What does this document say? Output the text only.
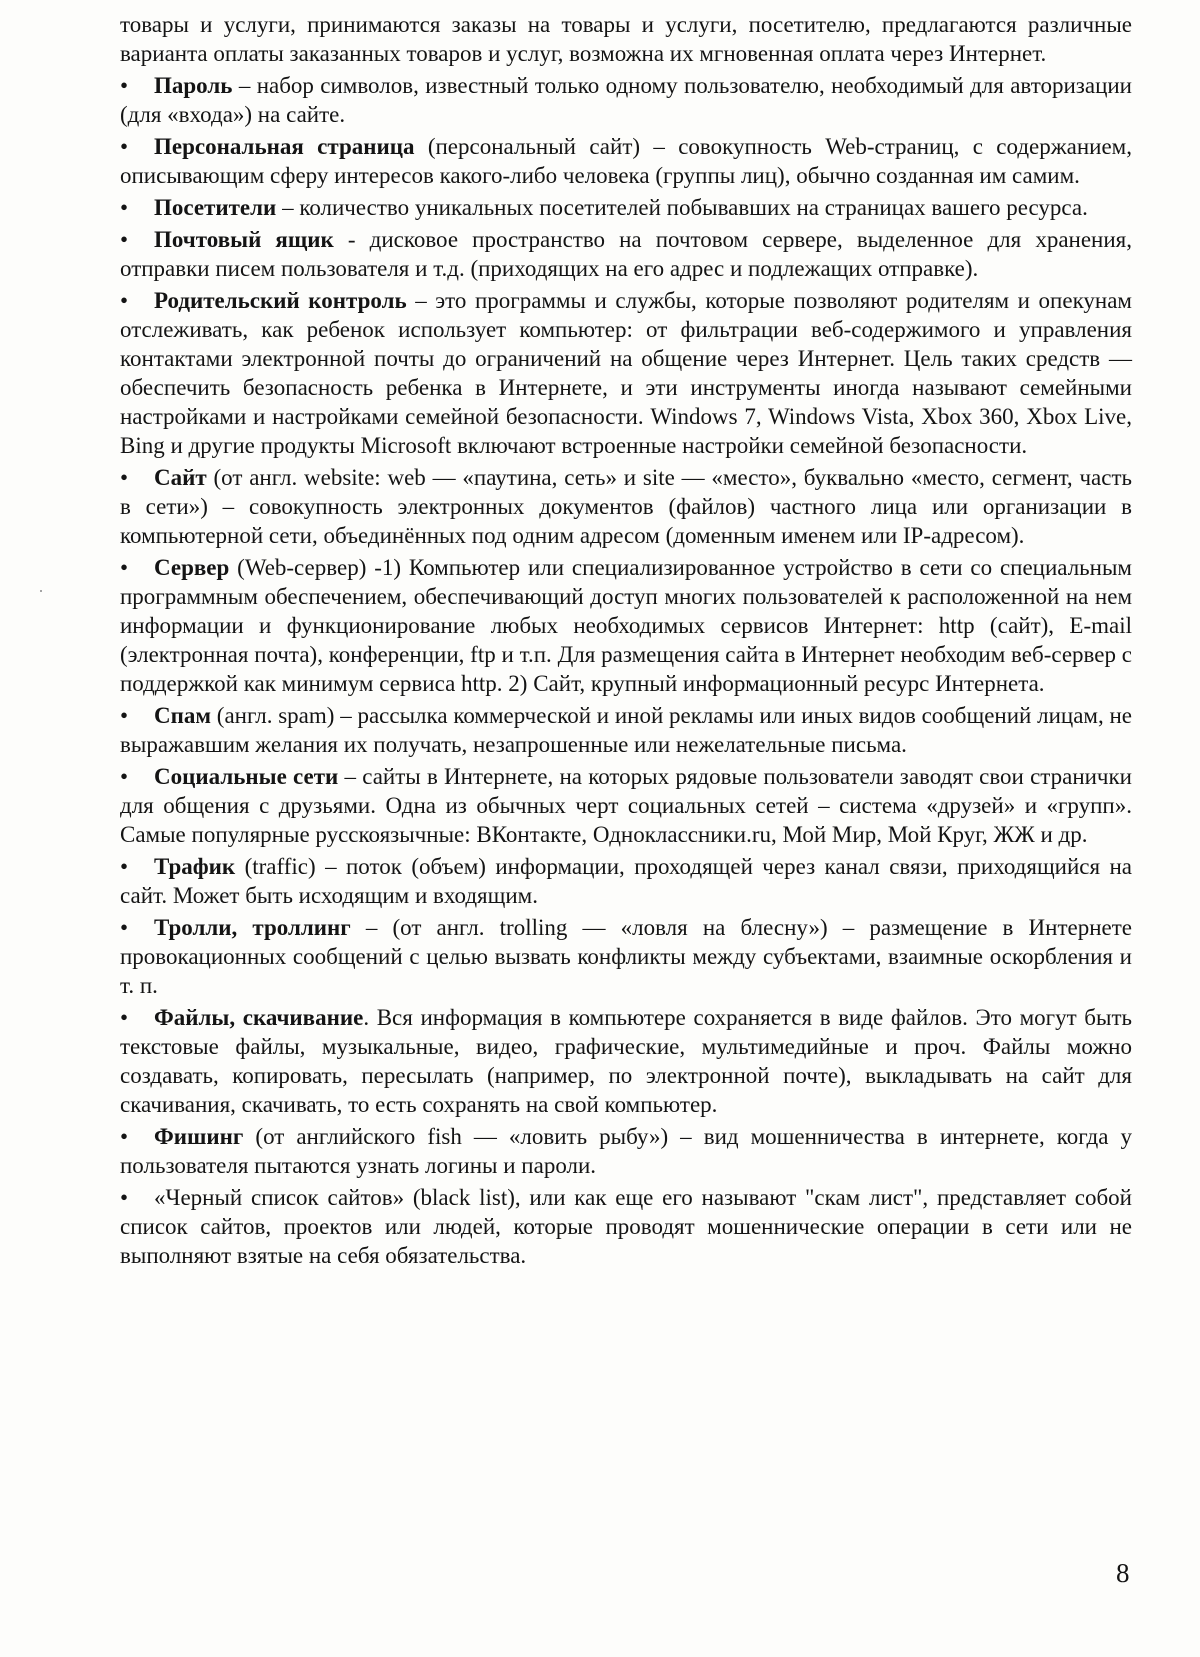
товары и услуги, принимаются заказы на товары и услуги, посетителю, предлагаются различные варианта оплаты заказанных товаров и услуг, возможна их мгновенная оплата через Интернет.

• Пароль – набор символов, известный только одному пользователю, необходимый для авторизации (для «входа») на сайте.

• Персональная страница (персональный сайт) – совокупность Web-страниц, с содержанием, описывающим сферу интересов какого-либо человека (группы лиц), обычно созданная им самим.

• Посетители – количество уникальных посетителей побывавших на страницах вашего ресурса.

• Почтовый ящик - дисковое пространство на почтовом сервере, выделенное для хранения, отправки писем пользователя и т.д. (приходящих на его адрес и подлежащих отправке).

• Родительский контроль – это программы и службы, которые позволяют родителям и опекунам отслеживать, как ребенок использует компьютер: от фильтрации веб-содержимого и управления контактами электронной почты до ограничений на общение через Интернет. Цель таких средств — обеспечить безопасность ребенка в Интернете, и эти инструменты иногда называют семейными настройками и настройками семейной безопасности. Windows 7, Windows Vista, Xbox 360, Xbox Live, Bing и другие продукты Microsoft включают встроенные настройки семейной безопасности.

• Сайт (от англ. website: web — «паутина, сеть» и site — «место», буквально «место, сегмент, часть в сети») – совокупность электронных документов (файлов) частного лица или организации в компьютерной сети, объединённых под одним адресом (доменным именем или IP-адресом).

• Сервер (Web-сервер) -1) Компьютер или специализированное устройство в сети со специальным программным обеспечением, обеспечивающий доступ многих пользователей к расположенной на нем информации и функционирование любых необходимых сервисов Интернет: http (сайт), E-mail (электронная почта), конференции, ftp и т.п. Для размещения сайта в Интернет необходим веб-сервер с поддержкой как минимум сервиса http. 2) Сайт, крупный информационный ресурс Интернета.

• Спам (англ. spam) – рассылка коммерческой и иной рекламы или иных видов сообщений лицам, не выражавшим желания их получать, незапрошенные или нежелательные письма.

• Социальные сети – сайты в Интернете, на которых рядовые пользователи заводят свои странички для общения с друзьями. Одна из обычных черт социальных сетей – система «друзей» и «групп». Самые популярные русскоязычные: ВКонтакте, Одноклассники.ru, Мой Мир, Мой Круг, ЖЖ и др.

• Трафик (traffic) – поток (объем) информации, проходящей через канал связи, приходящийся на сайт. Может быть исходящим и входящим.

• Тролли, троллинг – (от англ. trolling — «ловля на блесну») – размещение в Интернете провокационных сообщений с целью вызвать конфликты между субъектами, взаимные оскорбления и т. п.

• Файлы, скачивание. Вся информация в компьютере сохраняется в виде файлов. Это могут быть текстовые файлы, музыкальные, видео, графические, мультимедийные и проч. Файлы можно создавать, копировать, пересылать (например, по электронной почте), выкладывать на сайт для скачивания, скачивать, то есть сохранять на свой компьютер.

• Фишинг (от английского fish — «ловить рыбу») – вид мошенничества в интернете, когда у пользователя пытаются узнать логины и пароли.

• «Черный список сайтов» (black list), или как еще его называют "скам лист", представляет собой список сайтов, проектов или людей, которые проводят мошеннические операции в сети или не выполняют взятые на себя обязательства.

8
